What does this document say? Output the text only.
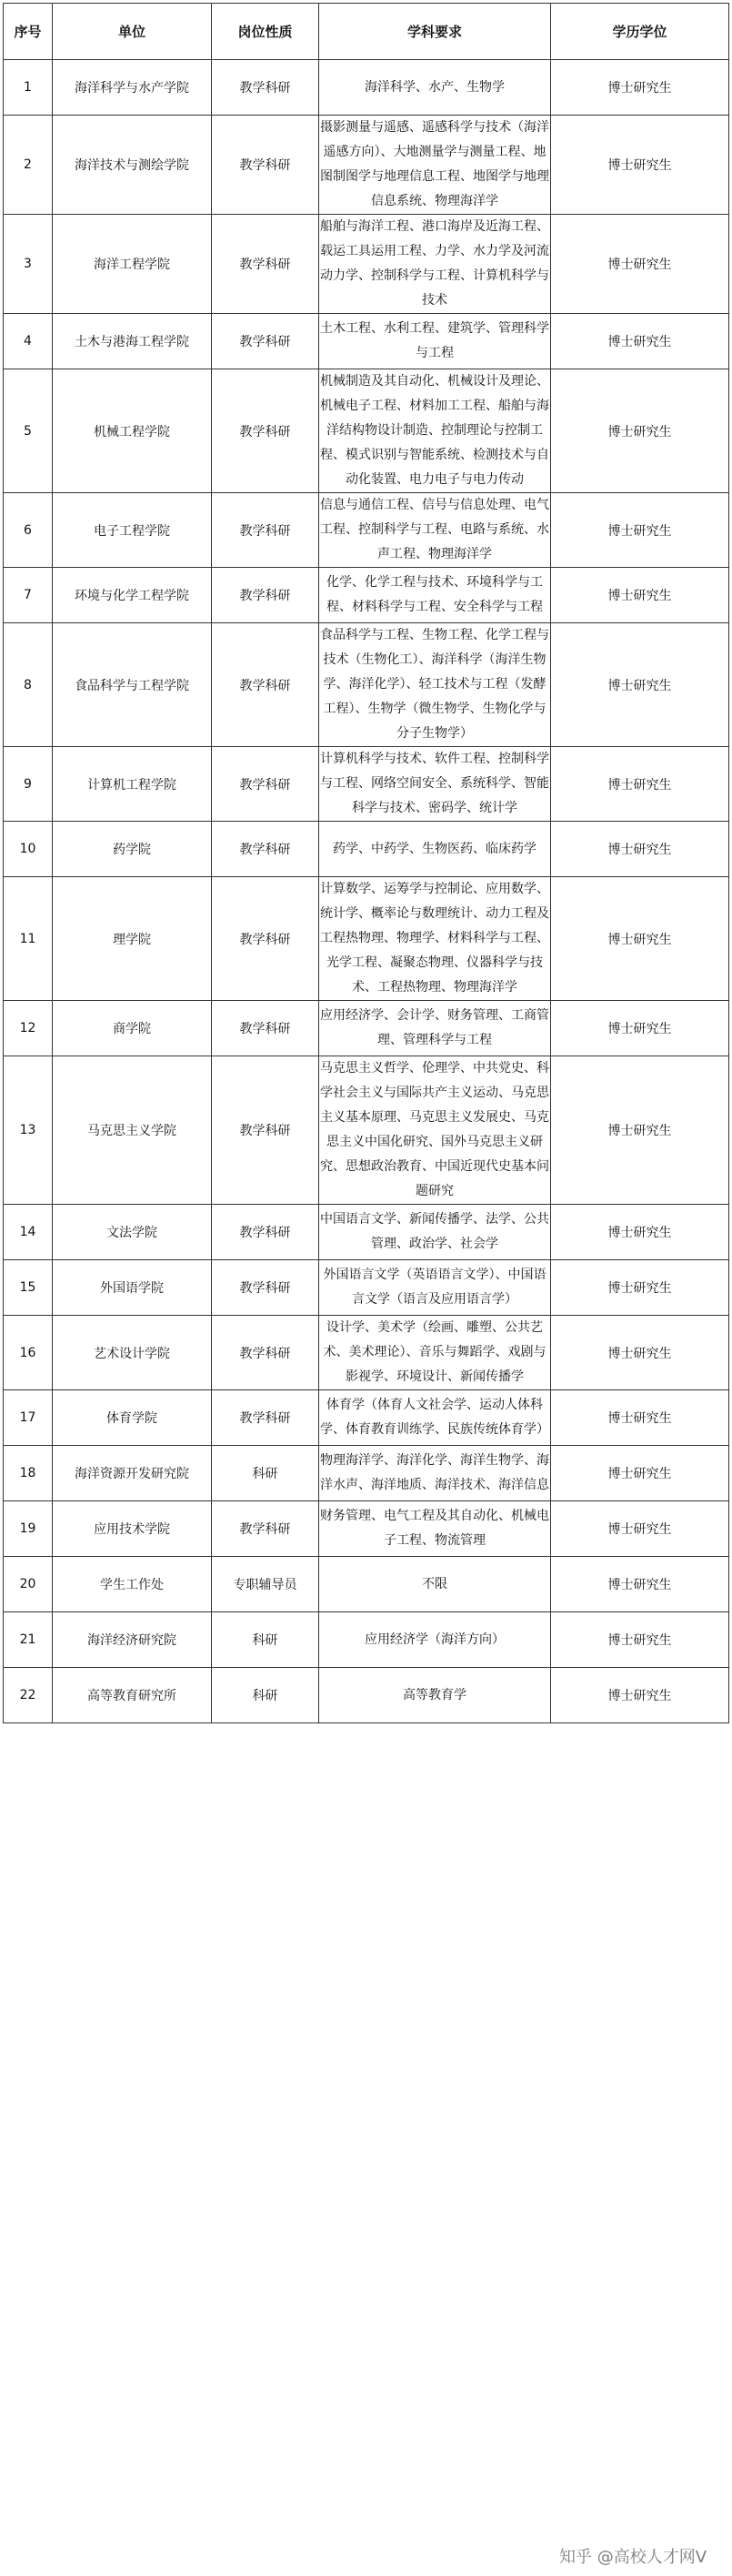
序号	单位	岗位性质	学科要求	学历学位
1	海洋科学与水产学院	教学科研	海洋科学、水产、生物学	博士研究生
2	海洋技术与测绘学院	教学科研	摄影测量与遥感、遥感科学与技术（海洋遥感方向）、大地测量学与测量工程、地图制图学与地理信息工程、地图学与地理信息系统、物理海洋学	博士研究生
3	海洋工程学院	教学科研	船舶与海洋工程、港口海岸及近海工程、载运工具运用工程、力学、水力学及河流动力学、控制科学与工程、计算机科学与技术	博士研究生
4	土木与港海工程学院	教学科研	土木工程、水利工程、建筑学、管理科学与工程	博士研究生
5	机械工程学院	教学科研	机械制造及其自动化、机械设计及理论、机械电子工程、材料加工工程、船舶与海洋结构物设计制造、控制理论与控制工程、模式识别与智能系统、检测技术与自动化装置、电力电子与电力传动	博士研究生
6	电子工程学院	教学科研	信息与通信工程、信号与信息处理、电气工程、控制科学与工程、电路与系统、水声工程、物理海洋学	博士研究生
7	环境与化学工程学院	教学科研	化学、化学工程与技术、环境科学与工程、材料科学与工程、安全科学与工程	博士研究生
8	食品科学与工程学院	教学科研	食品科学与工程、生物工程、化学工程与技术（生物化工）、海洋科学（海洋生物学、海洋化学）、轻工技术与工程（发酵工程）、生物学（微生物学、生物化学与分子生物学）	博士研究生
9	计算机工程学院	教学科研	计算机科学与技术、软件工程、控制科学与工程、网络空间安全、系统科学、智能科学与技术、密码学、统计学	博士研究生
10	药学院	教学科研	药学、中药学、生物医药、临床药学	博士研究生
11	理学院	教学科研	计算数学、运筹学与控制论、应用数学、统计学、概率论与数理统计、动力工程及工程热物理、物理学、材料科学与工程、光学工程、凝聚态物理、仪器科学与技术、工程热物理、物理海洋学	博士研究生
12	商学院	教学科研	应用经济学、会计学、财务管理、工商管理、管理科学与工程	博士研究生
13	马克思主义学院	教学科研	马克思主义哲学、伦理学、中共党史、科学社会主义与国际共产主义运动、马克思主义基本原理、马克思主义发展史、马克思主义中国化研究、国外马克思主义研究、思想政治教育、中国近现代史基本问题研究	博士研究生
14	文法学院	教学科研	中国语言文学、新闻传播学、法学、公共管理、政治学、社会学	博士研究生
15	外国语学院	教学科研	外国语言文学（英语语言文学）、中国语言文学（语言及应用语言学）	博士研究生
16	艺术设计学院	教学科研	设计学、美术学（绘画、雕塑、公共艺术、美术理论）、音乐与舞蹈学、戏剧与影视学、环境设计、新闻传播学	博士研究生
17	体育学院	教学科研	体育学（体育人文社会学、运动人体科学、体育教育训练学、民族传统体育学）	博士研究生
18	海洋资源开发研究院	科研	物理海洋学、海洋化学、海洋生物学、海洋水声、海洋地质、海洋技术、海洋信息	博士研究生
19	应用技术学院	教学科研	财务管理、电气工程及其自动化、机械电子工程、物流管理	博士研究生
20	学生工作处	专职辅导员	不限	博士研究生
21	海洋经济研究院	科研	应用经济学（海洋方向）	博士研究生
22	高等教育研究所	科研	高等教育学	博士研究生
知乎 @高校人才网V
